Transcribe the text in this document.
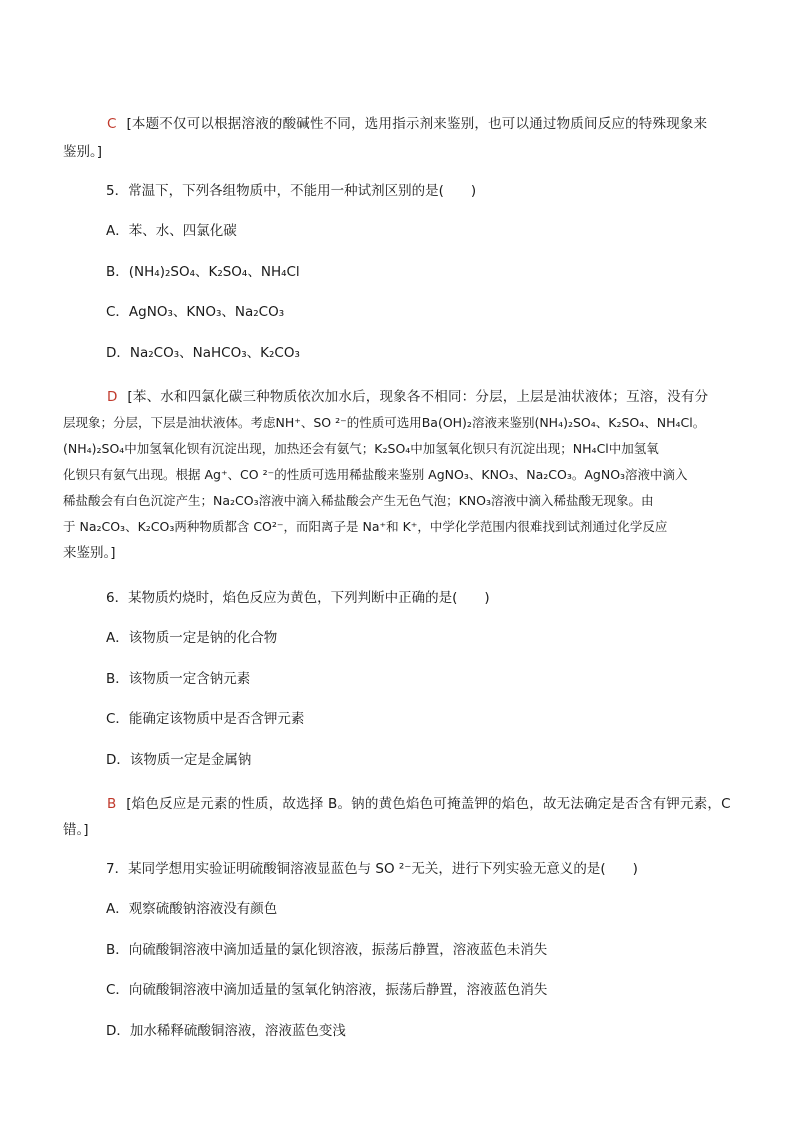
C [本题不仅可以根据溶液的酸碱性不同，选用指示剂来鉴别，也可以通过物质间反应的特殊现象来
鉴别。]
5．常温下，下列各组物质中，不能用一种试剂区别的是(　　)
A．苯、水、四氯化碳
B．(NH₄)₂SO₄、K₂SO₄、NH₄Cl
C．AgNO₃、KNO₃、Na₂CO₃
D．Na₂CO₃、NaHCO₃、K₂CO₃
D [苯、水和四氯化碳三种物质依次加水后，现象各不相同：分层，上层是油状液体；互溶，没有分
层现象；分层，下层是油状液体。考虑NH⁺、SO ²⁻的性质可选用Ba(OH)₂溶液来鉴别(NH₄)₂SO₄、K₂SO₄、NH₄Cl。
(NH₄)₂SO₄中加氢氧化钡有沉淀出现，加热还会有氨气；K₂SO₄中加氢氧化钡只有沉淀出现；NH₄Cl中加氢氧
化钡只有氨气出现。根据 Ag⁺、CO ²⁻的性质可选用稀盐酸来鉴别 AgNO₃、KNO₃、Na₂CO₃。AgNO₃溶液中滴入
稀盐酸会有白色沉淀产生；Na₂CO₃溶液中滴入稀盐酸会产生无色气泡；KNO₃溶液中滴入稀盐酸无现象。由
于 Na₂CO₃、K₂CO₃两种物质都含 CO²⁻，而阳离子是 Na⁺和 K⁺，中学化学范围内很难找到试剂通过化学反应
来鉴别。]
6．某物质灼烧时，焰色反应为黄色，下列判断中正确的是(　　)
A．该物质一定是钠的化合物
B．该物质一定含钠元素
C．能确定该物质中是否含钾元素
D．该物质一定是金属钠
B [焰色反应是元素的性质，故选择 B。钠的黄色焰色可掩盖钾的焰色，故无法确定是否含有钾元素，C
错。]
7．某同学想用实验证明硫酸铜溶液显蓝色与 SO ²⁻无关，进行下列实验无意义的是(　　)
A．观察硫酸钠溶液没有颜色
B．向硫酸铜溶液中滴加适量的氯化钡溶液，振荡后静置，溶液蓝色未消失
C．向硫酸铜溶液中滴加适量的氢氧化钠溶液，振荡后静置，溶液蓝色消失
D．加水稀释硫酸铜溶液，溶液蓝色变浅
